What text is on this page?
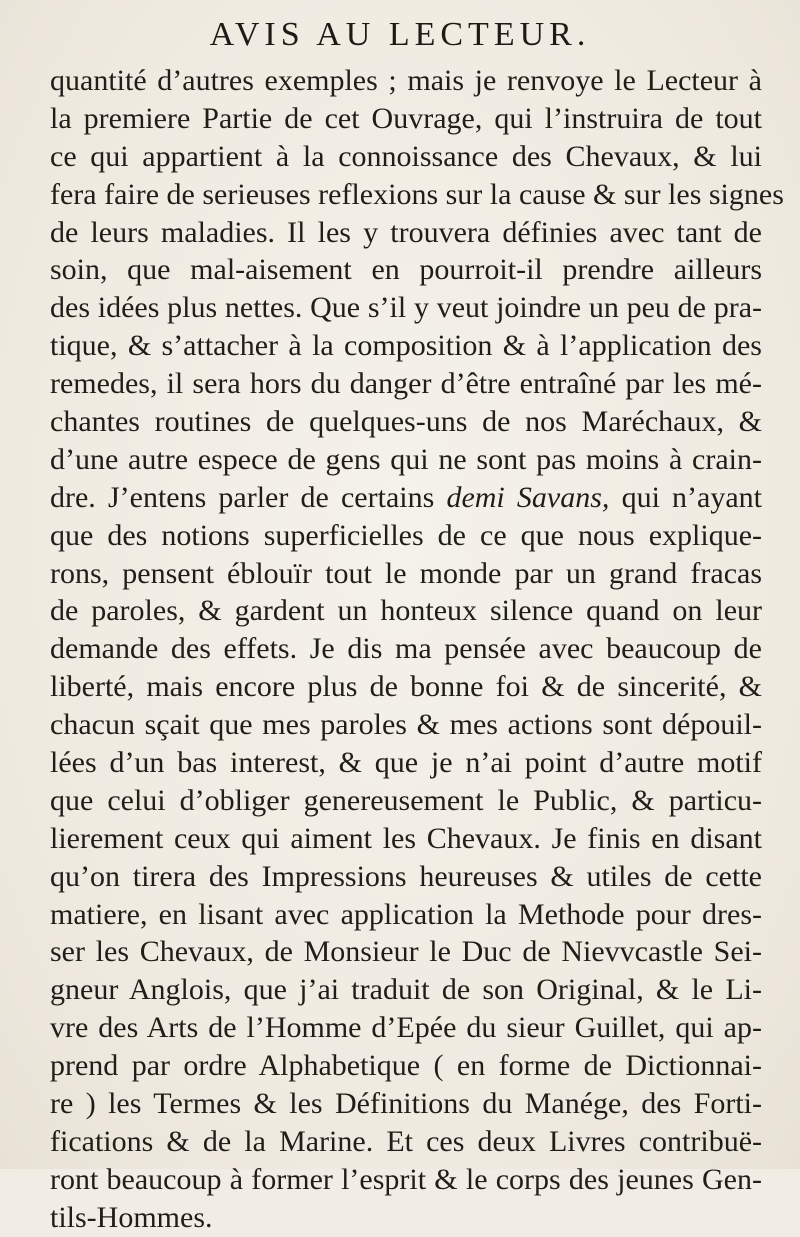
AVIS AU LECTEUR.
quantité d’autres exemples ; mais je renvoye le Lecteur à
la premiere Partie de cet Ouvrage, qui l’instruira de tout
ce qui appartient à la connoissance des Chevaux, & lui
fera faire de serieuses reflexions sur la cause & sur les signes
de leurs maladies. Il les y trouvera définies avec tant de
soin, que mal-aisement en pourroit-il prendre ailleurs
des idées plus nettes. Que s’il y veut joindre un peu de pra-
tique, & s’attacher à la composition & à l’application des
remedes, il sera hors du danger d’être entraîné par les mé-
chantes routines de quelques-uns de nos Maréchaux, &
d’une autre espece de gens qui ne sont pas moins à crain-
dre. J’entens parler de certains demi Savans, qui n’ayant
que des notions superficielles de ce que nous explique-
rons, pensent éblouïr tout le monde par un grand fracas
de paroles, & gardent un honteux silence quand on leur
demande des effets. Je dis ma pensée avec beaucoup de
liberté, mais encore plus de bonne foi & de sincerité, &
chacun sçait que mes paroles & mes actions sont dépouil-
lées d’un bas interest, & que je n’ai point d’autre motif
que celui d’obliger genereusement le Public, & particu-
lierement ceux qui aiment les Chevaux. Je finis en disant
qu’on tirera des Impressions heureuses & utiles de cette
matiere, en lisant avec application la Methode pour dres-
ser les Chevaux, de Monsieur le Duc de Nievvcastle Sei-
gneur Anglois, que j’ai traduit de son Original, & le Li-
vre des Arts de l’Homme d’Epée du sieur Guillet, qui ap-
prend par ordre Alphabetique ( en forme de Dictionnai-
re ) les Termes & les Définitions du Manége, des Forti-
fications & de la Marine. Et ces deux Livres contribuë-
ront beaucoup à former l’esprit & le corps des jeunes Gen-
tils-Hommes.
